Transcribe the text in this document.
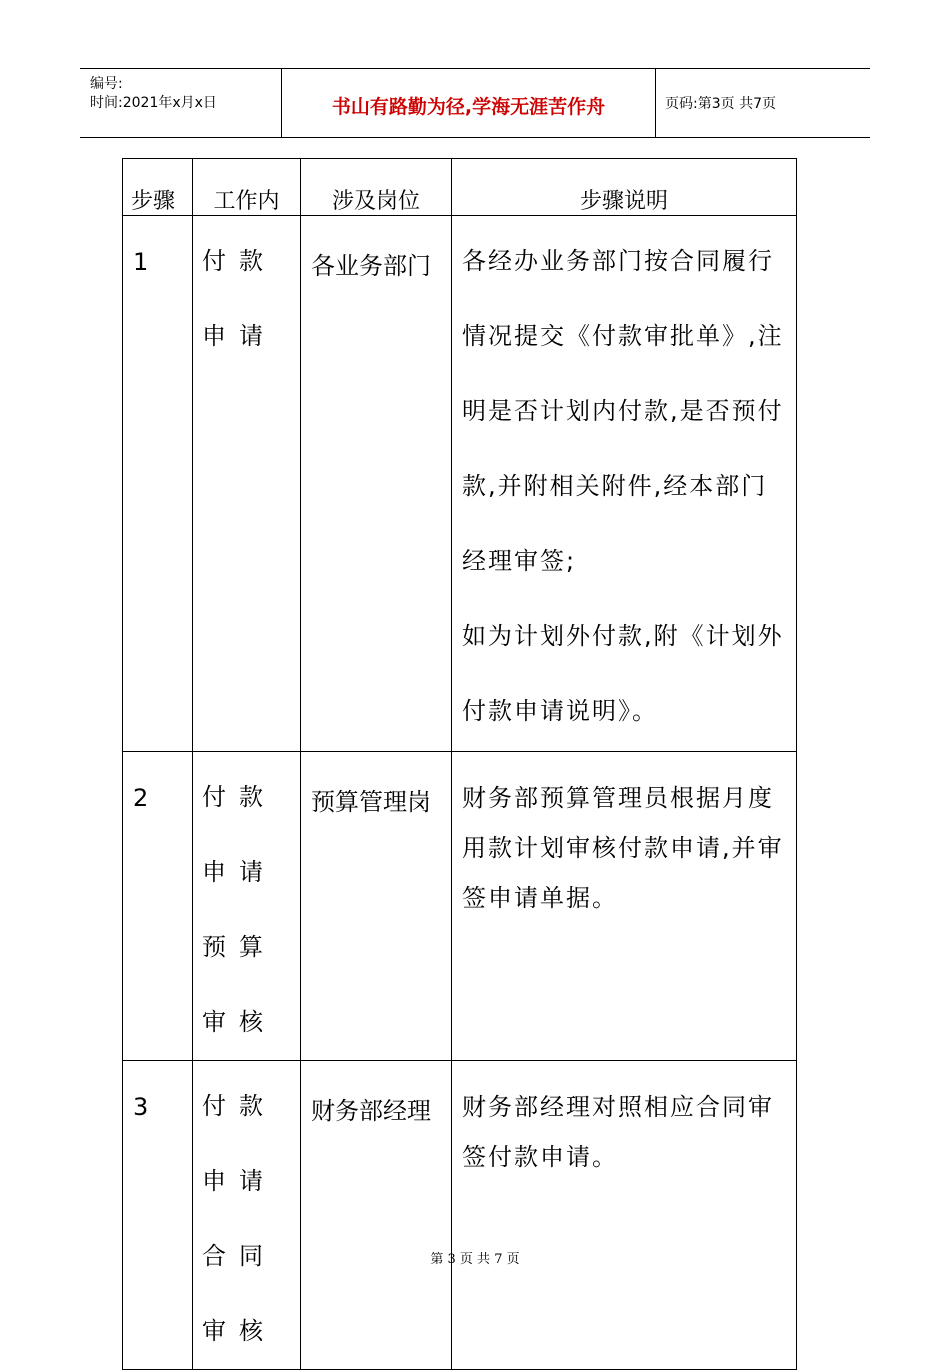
编号:
时间:2021年x月x日	书山有路勤为径,学海无涯苦作舟	页码:第3页 共7页
步骤	工作内	涉及岗位	步骤说明

1	付款申请	各业务部门	各经办业务部门按合同履行情况提交《付款审批单》,注明是否计划内付款,是否预付款,并附相关附件,经本部门经理审签;
如为计划外付款,附《计划外付款申请说明》。

2	付款申请预算审核	预算管理岗	财务部预算管理员根据月度用款计划审核付款申请,并审签申请单据。

3	付款申请合同审核	财务部经理	财务部经理对照相应合同审签付款申请。
第 3 页 共 7 页
